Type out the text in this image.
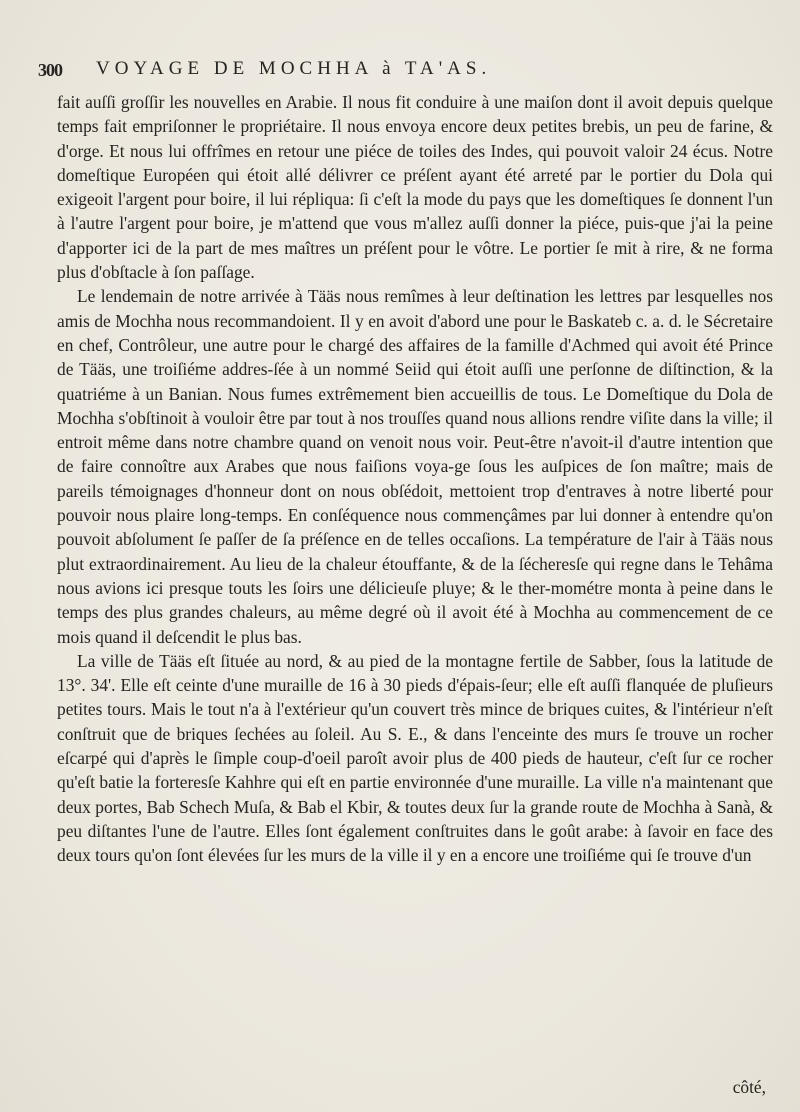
300 VOYAGE DE MOCHHA à TA'AS.

fait auſſi groſſir les nouvelles en Arabie. Il nous fit conduire à une maiſon dont il avoit depuis quelque temps fait empriſonner le propriétaire. Il nous envoya encore deux petites brebis, un peu de farine, & d'orge. Et nous lui offrîmes en retour une piéce de toiles des Indes, qui pouvoit valoir 24 écus. Notre domeſtique Européen qui étoit allé délivrer ce préſent ayant été arreté par le portier du Dola qui exigeoit l'argent pour boire, il lui répliqua: ſi c'eſt la mode du pays que les domeſtiques ſe donnent l'un à l'autre l'argent pour boire, je m'attend que vous m'allez auſſi donner la piéce, puis-que j'ai la peine d'apporter ici de la part de mes maîtres un préſent pour le vôtre. Le portier ſe mit à rire, & ne forma plus d'obſtacle à ſon paſſage.

Le lendemain de notre arrivée à Tääs nous remîmes à leur deſtination les lettres par lesquelles nos amis de Mochha nous recommandoient. Il y en avoit d'abord une pour le Baskateb c. a. d. le Sécretaire en chef, Contrôleur, une autre pour le chargé des affaires de la famille d'Achmed qui avoit été Prince de Tääs, une troiſiéme addres-ſée à un nommé Seiid qui étoit auſſi une perſonne de diſtinction, & la quatriéme à un Banian. Nous fumes extrêmement bien accueillis de tous. Le Domeſtique du Dola de Mochha s'obſtinoit à vouloir être par tout à nos trouſſes quand nous allions rendre viſite dans la ville; il entroit même dans notre chambre quand on venoit nous voir. Peut-être n'avoit-il d'autre intention que de faire connoître aux Arabes que nous faiſions voya-ge ſous les auſpices de ſon maître; mais de pareils témoignages d'honneur dont on nous obſédoit, mettoient trop d'entraves à notre liberté pour pouvoir nous plaire long-temps. En conſéquence nous commençâmes par lui donner à entendre qu'on pouvoit abſolument ſe paſſer de ſa préſence en de telles occaſions. La température de l'air à Tääs nous plut extraordinairement. Au lieu de la chaleur étouffante, & de la ſécheresſe qui regne dans le Tehâma nous avions ici presque touts les ſoirs une délicieuſe pluye; & le ther-mométre monta à peine dans le temps des plus grandes chaleurs, au même degré où il avoit été à Mochha au commencement de ce mois quand il deſcendit le plus bas.

La ville de Tääs eſt ſituée au nord, & au pied de la montagne fertile de Sabber, ſous la latitude de 13°. 34'. Elle eſt ceinte d'une muraille de 16 à 30 pieds d'épais-ſeur; elle eſt auſſi flanquée de pluſieurs petites tours. Mais le tout n'a à l'extérieur qu'un couvert très mince de briques cuites, & l'intérieur n'eſt conſtruit que de briques ſechées au ſoleil. Au S. E., & dans l'enceinte des murs ſe trouve un rocher eſcarpé qui d'après le ſimple coup-d'oeil paroît avoir plus de 400 pieds de hauteur, c'eſt ſur ce rocher qu'eſt batie la forteresſe Kahhre qui eſt en partie environnée d'une muraille. La ville n'a maintenant que deux portes, Bab Schech Muſa, & Bab el Kbir, & toutes deux ſur la grande route de Mochha à Sanà, & peu diſtantes l'une de l'autre. Elles ſont également conſtruites dans le goût arabe: à ſavoir en face des deux tours qu'on ſont élevées ſur les murs de la ville il y en a encore une troiſiéme qui ſe trouve d'un

côté,
